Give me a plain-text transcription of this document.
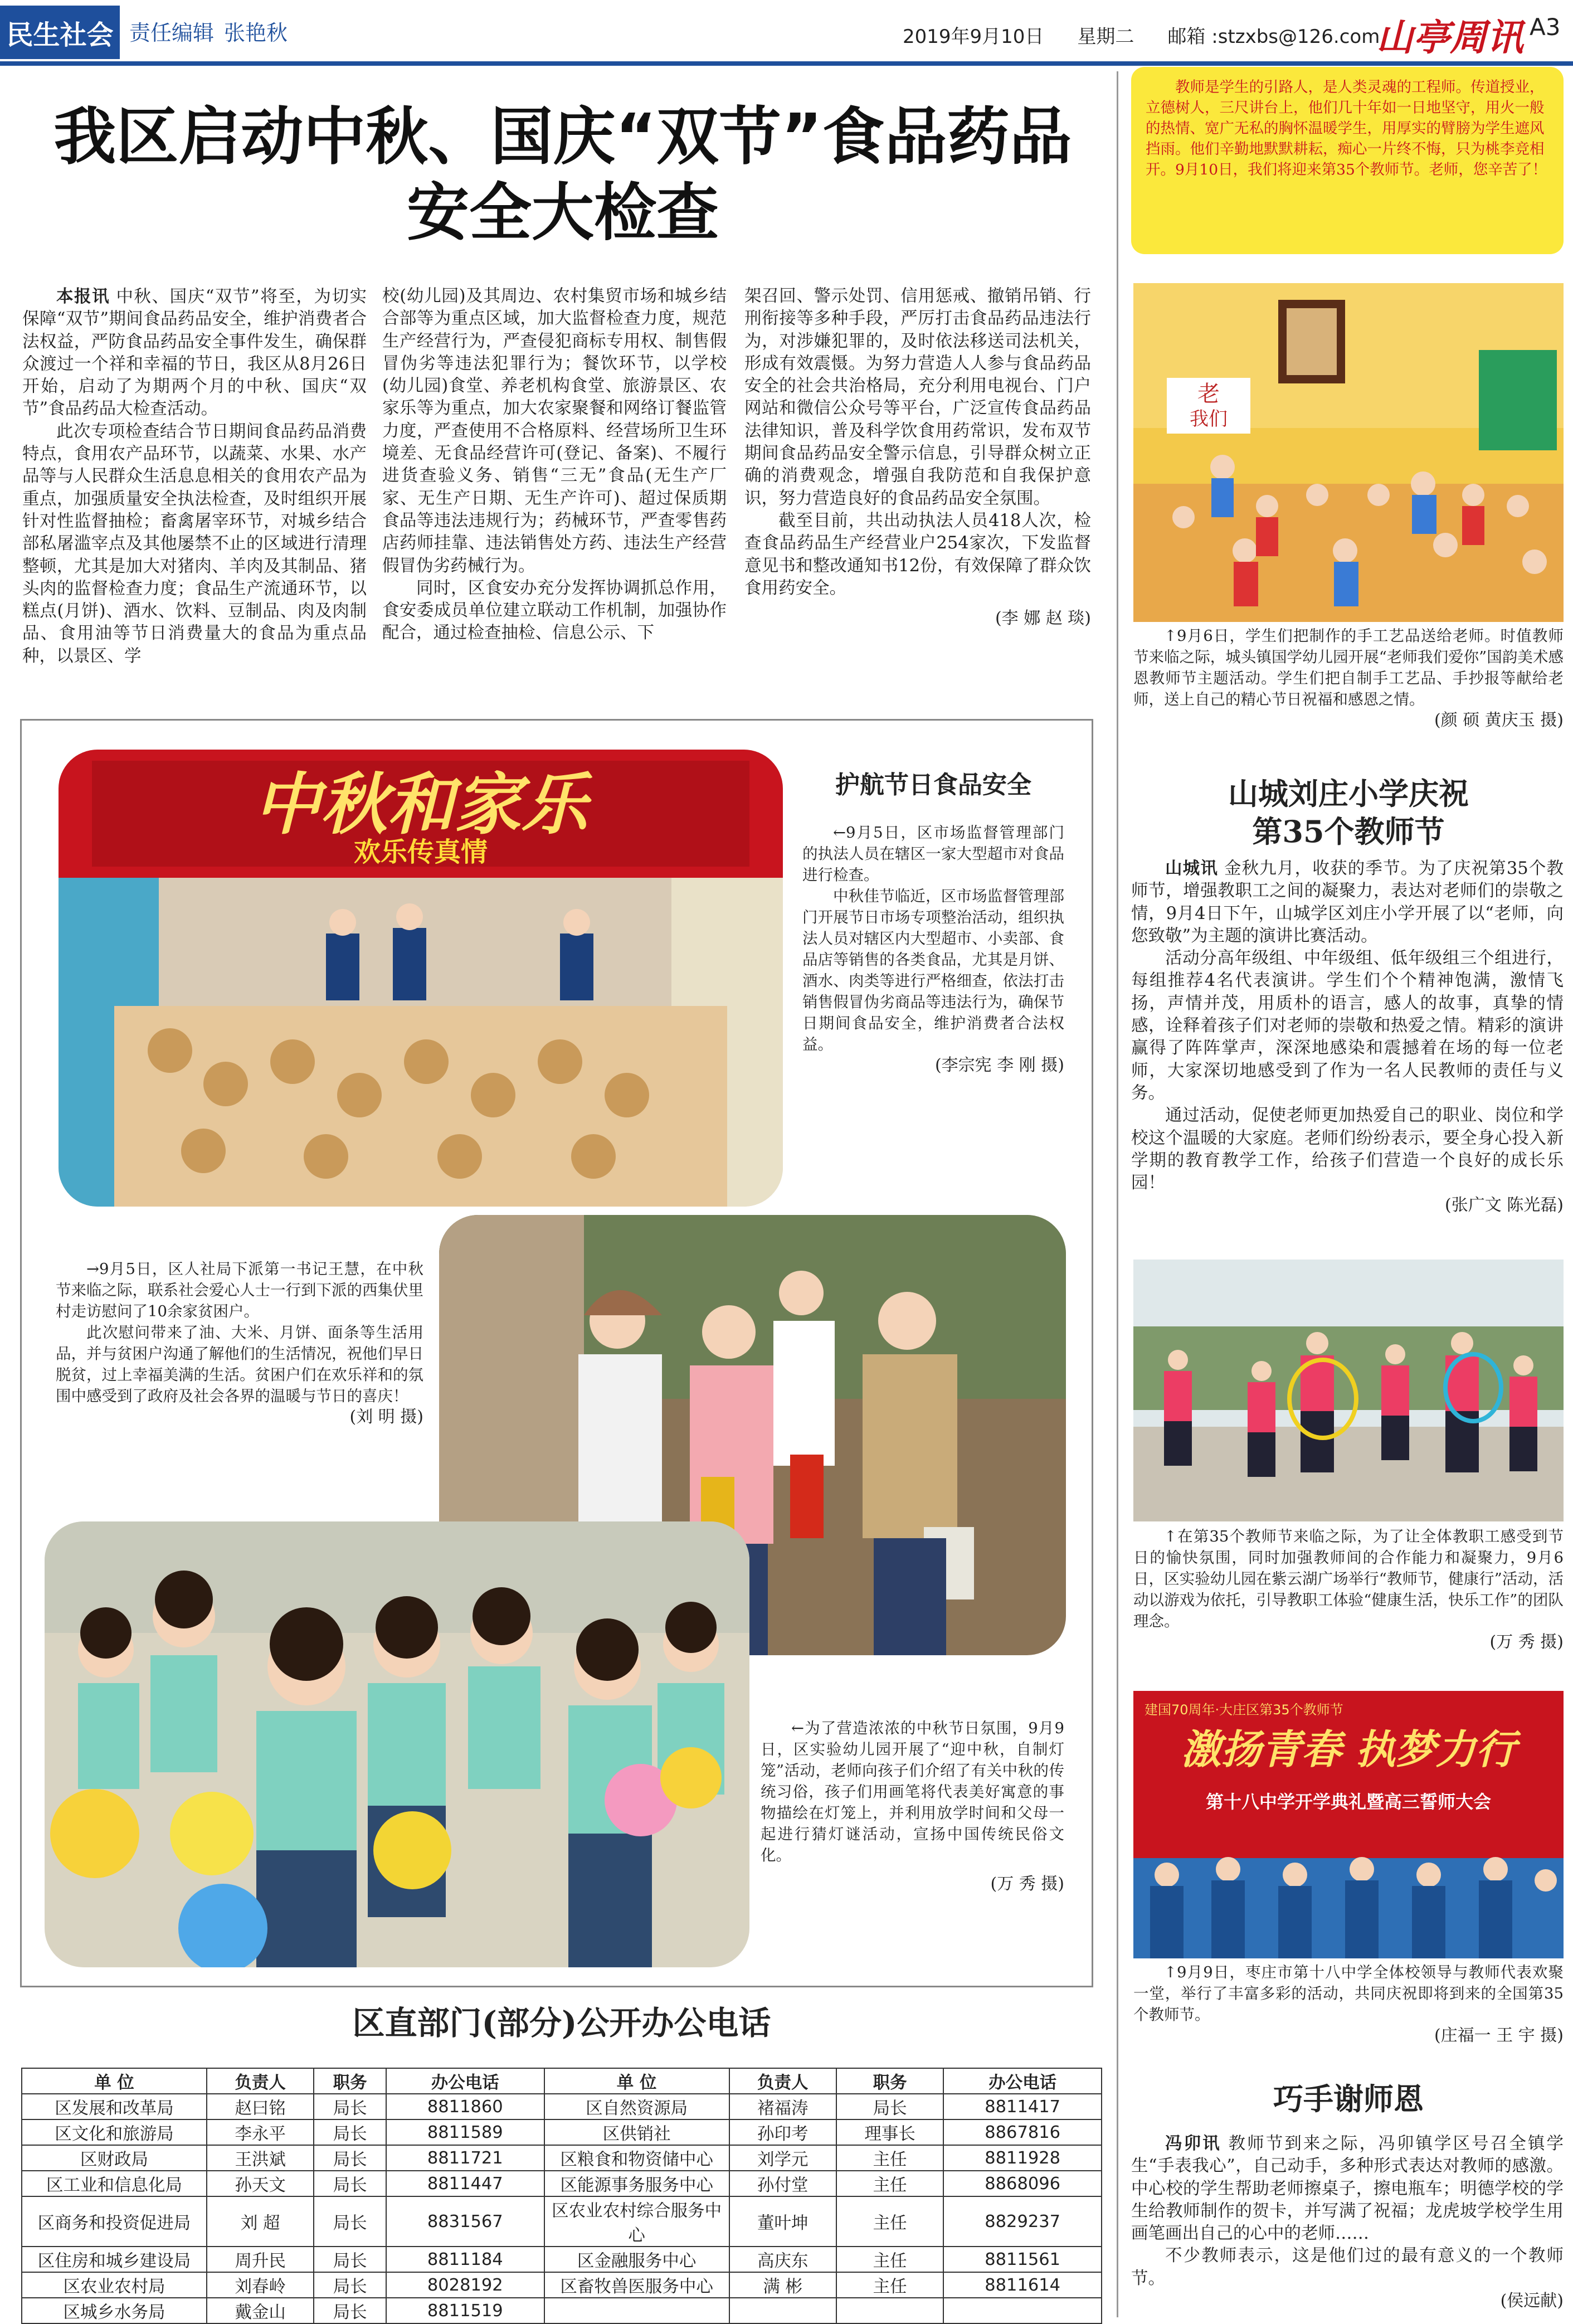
民生社会 责任编辑 张艳秋	2019年9月10日 星期二 邮箱 :stzxbs@126.com
山亭周讯 A3
我区启动中秋、国庆“双节”食品药品
安全大检查

本报讯 中秋、国庆“双节”将至，为切实保障“双节”期间食品药品安全，维护消费者合法权益，严防食品药品安全事件发生，确保群众渡过一个祥和幸福的节日，我区从8月26日开始，启动了为期两个月的中秋、国庆“双节”食品药品大检查活动。

此次专项检查结合节日期间食品药品消费特点，食用农产品环节，以蔬菜、水果、水产品等与人民群众生活息息相关的食用农产品为重点，加强质量安全执法检查，及时组织开展针对性监督抽检；畜禽屠宰环节，对城乡结合部私屠滥宰点及其他屡禁不止的区域进行清理整顿，尤其是加大对猪肉、羊肉及其制品、猪头肉的监督检查力度；食品生产流通环节，以糕点(月饼)、酒水、饮料、豆制品、肉及肉制品、食用油等节日消费量大的食品为重点品种，以景区、学

校(幼儿园)及其周边、农村集贸市场和城乡结合部等为重点区域，加大监督检查力度，规范生产经营行为，严查侵犯商标专用权、制售假冒伪劣等违法犯罪行为；餐饮环节，以学校(幼儿园)食堂、养老机构食堂、旅游景区、农家乐等为重点，加大农家聚餐和网络订餐监管力度，严查使用不合格原料、经营场所卫生环境差、无食品经营许可(登记、备案)、不履行进货查验义务、销售“三无”食品(无生产厂家、无生产日期、无生产许可)、超过保质期食品等违法违规行为；药械环节，严查零售药店药师挂靠、违法销售处方药、违法生产经营假冒伪劣药械行为。

同时，区食安办充分发挥协调抓总作用，食安委成员单位建立联动工作机制，加强协作配合，通过检查抽检、信息公示、下

架召回、警示处罚、信用惩戒、撤销吊销、行刑衔接等多种手段，严厉打击食品药品违法行为，对涉嫌犯罪的，及时依法移送司法机关，形成有效震慑。为努力营造人人参与食品药品安全的社会共治格局，充分利用电视台、门户网站和微信公众号等平台，广泛宣传食品药品法律知识，普及科学饮食用药常识，发布双节期间食品药品安全警示信息，引导群众树立正确的消费观念，增强自我防范和自我保护意识，努力营造良好的食品药品安全氛围。

截至目前，共出动执法人员418人次，检查食品药品生产经营业户254家次，下发监督意见书和整改通知书12份，有效保障了群众饮食用药安全。

(李 娜 赵 琰)
教师是学生的引路人，是人类灵魂的工程师。传道授业，立德树人，三尺讲台上，他们几十年如一日地坚守，用火一般的热情、宽广无私的胸怀温暖学生，用厚实的臂膀为学生遮风挡雨。他们辛勤地默默耕耘，痴心一片终不悔，只为桃李竞相开。9月10日，我们将迎来第35个教师节。老师，您辛苦了！
老
我们

↑9月6日，学生们把制作的手工艺品送给老师。时值教师节来临之际，城头镇国学幼儿园开展“老师我们爱你”国韵美术感恩教师节主题活动。学生们把自制手工艺品、手抄报等献给老师，送上自己的精心节日祝福和感恩之情。

(颜 硕 黄庆玉 摄)
山城刘庄小学庆祝
第35个教师节

山城讯 金秋九月，收获的季节。为了庆祝第35个教师节，增强教职工之间的凝聚力，表达对老师们的崇敬之情，9月4日下午，山城学区刘庄小学开展了以“老师，向您致敬”为主题的演讲比赛活动。

活动分高年级组、中年级组、低年级组三个组进行，每组推荐4名代表演讲。学生们个个精神饱满，激情飞扬，声情并茂，用质朴的语言，感人的故事，真挚的情感，诠释着孩子们对老师的崇敬和热爱之情。精彩的演讲赢得了阵阵掌声，深深地感染和震撼着在场的每一位老师，大家深切地感受到了作为一名人民教师的责任与义务。

通过活动，促使老师更加热爱自己的职业、岗位和学校这个温暖的大家庭。老师们纷纷表示，要全身心投入新学期的教育教学工作，给孩子们营造一个良好的成长乐园！

(张广文 陈光磊)

↑在第35个教师节来临之际，为了让全体教职工感受到节日的愉快氛围，同时加强教师间的合作能力和凝聚力，9月6日，区实验幼儿园在紫云湖广场举行“教师节，健康行”活动，活动以游戏为依托，引导教职工体验“健康生活，快乐工作”的团队理念。

(万 秀 摄)
建国70周年·大庄区第35个教师节
激扬青春 执梦力行
第十八中学开学典礼暨高三誓师大会

↑9月9日，枣庄市第十八中学全体校领导与教师代表欢聚一堂，举行了丰富多彩的活动，共同庆祝即将到来的全国第35个教师节。

(庄福一 王 宇 摄)
巧手谢师恩

冯卯讯 教师节到来之际，冯卯镇学区号召全镇学生“手表我心”，自己动手，多种形式表达对教师的感激。中心校的学生帮助老师擦桌子，擦电瓶车；明德学校的学生给教师制作的贺卡，并写满了祝福；龙虎坡学校学生用画笔画出自己的心中的老师……

不少教师表示，这是他们过的最有意义的一个教师节。

(侯远献)
中秋和家乐
欢乐传真情
护航节日食品安全

←9月5日，区市场监督管理部门的执法人员在辖区一家大型超市对食品进行检查。

中秋佳节临近，区市场监督管理部门开展节日市场专项整治活动，组织执法人员对辖区内大型超市、小卖部、食品店等销售的各类食品，尤其是月饼、酒水、肉类等进行严格细查，依法打击销售假冒伪劣商品等违法行为，确保节日期间食品安全，维护消费者合法权益。

(李宗宪 李 刚 摄)

→9月5日，区人社局下派第一书记王慧，在中秋节来临之际，联系社会爱心人士一行到下派的西集伏里村走访慰问了10余家贫困户。

此次慰问带来了油、大米、月饼、面条等生活用品，并与贫困户沟通了解他们的生活情况，祝他们早日脱贫，过上幸福美满的生活。贫困户们在欢乐祥和的氛围中感受到了政府及社会各界的温暖与节日的喜庆！

(刘 明 摄)

←为了营造浓浓的中秋节日氛围，9月9日，区实验幼儿园开展了“迎中秋，自制灯笼”活动，老师向孩子们介绍了有关中秋的传统习俗，孩子们用画笔将代表美好寓意的事物描绘在灯笼上，并利用放学时间和父母一起进行猜灯谜活动，宣扬中国传统民俗文化。

(万 秀 摄)
区直部门(部分)公开办公电话
单 位	负责人	职务	办公电话	单 位	负责人	职务	办公电话
区发展和改革局	赵曰铭	局长	8811860	区自然资源局	褚福涛	局长	8811417
区文化和旅游局	李永平	局长	8811589	区供销社	孙印考	理事长	8867816
区财政局	王洪斌	局长	8811721	区粮食和物资储中心	刘学元	主任	8811928
区工业和信息化局	孙天文	局长	8811447	区能源事务服务中心	孙付堂	主任	8868096
区商务和投资促进局	刘 超	局长	8831567	区农业农村综合服务中心	董叶坤	主任	8829237
区住房和城乡建设局	周升民	局长	8811184	区金融服务中心	高庆东	主任	8811561
区农业农村局	刘春岭	局长	8028192	区畜牧兽医服务中心	满 彬	主任	8811614
区城乡水务局	戴金山	局长	8811519				
